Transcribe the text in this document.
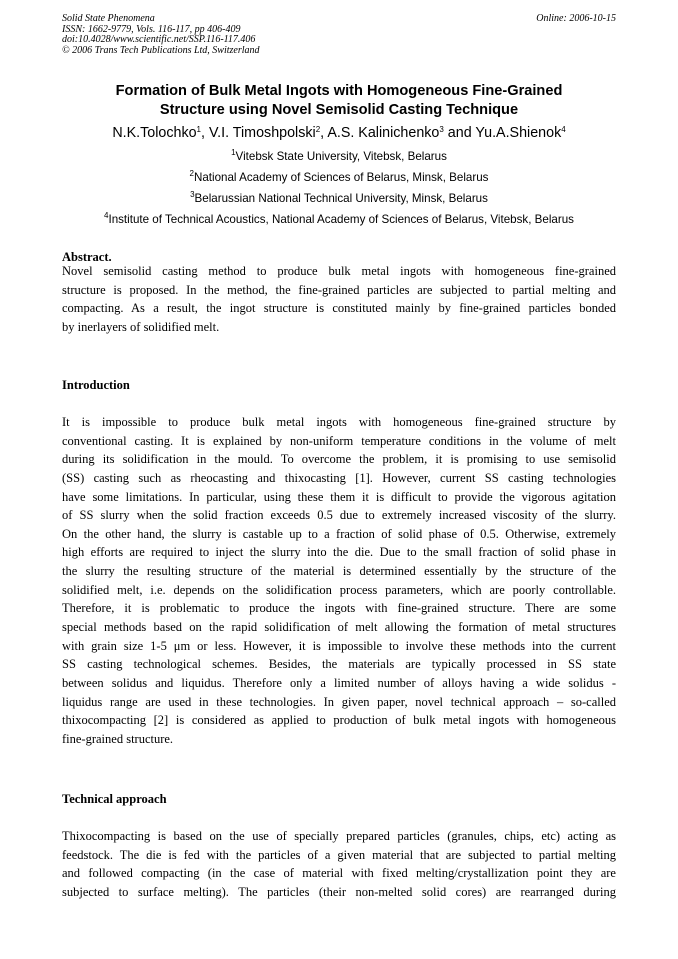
Solid State Phenomena
ISSN: 1662-9779, Vols. 116-117, pp 406-409
doi:10.4028/www.scientific.net/SSP.116-117.406
© 2006 Trans Tech Publications Ltd, Switzerland
Online: 2006-10-15
Formation of Bulk Metal Ingots with Homogeneous Fine-Grained
Structure using Novel Semisolid Casting Technique
N.K.Tolochko$^1$, V.I. Timoshpolski$^2$, A.S. Kalinichenko$^3$ and Yu.A.Shienok$^4$
$^1$Vitebsk State University, Vitebsk, Belarus
$^2$National Academy of Sciences of Belarus, Minsk, Belarus
$^3$Belarussian National Technical University, Minsk, Belarus
$^4$Institute of Technical Acoustics, National Academy of Sciences of Belarus, Vitebsk, Belarus
Abstract.
Novel semisolid casting method to produce bulk metal ingots with homogeneous fine-grained
structure is proposed. In the method, the fine-grained particles are subjected to partial melting and
compacting. As a result, the ingot structure is constituted mainly by fine-grained particles bonded
by inerlayers of solidified melt.
Introduction
It is impossible to produce bulk metal ingots with homogeneous fine-grained structure by
conventional casting. It is explained by non-uniform temperature conditions in the volume of melt
during its solidification in the mould. To overcome the problem, it is promising to use semisolid
(SS) casting such as rheocasting and thixocasting [1]. However, current SS casting technologies
have some limitations. In particular, using these them it is difficult to provide the vigorous agitation
of SS slurry when the solid fraction exceeds 0.5 due to extremely increased viscosity of the slurry.
On the other hand, the slurry is castable up to a fraction of solid phase of 0.5. Otherwise, extremely
high efforts are required to inject the slurry into the die. Due to the small fraction of solid phase in
the slurry the resulting structure of the material is determined essentially by the structure of the
solidified melt, i.e. depends on the solidification process parameters, which are poorly controllable.
Therefore, it is problematic to produce the ingots with fine-grained structure. There are some
special methods based on the rapid solidification of melt allowing the formation of metal structures
with grain size 1-5 μm or less. However, it is impossible to involve these methods into the current
SS casting technological schemes. Besides, the materials are typically processed in SS state
between solidus and liquidus. Therefore only a limited number of alloys having a wide solidus -
liquidus range are used in these technologies. In given paper, novel technical approach – so-called
thixocompacting [2] is considered as applied to production of bulk metal ingots with homogeneous
fine-grained structure.
Technical approach
Thixocompacting is based on the use of specially prepared particles (granules, chips, etc) acting as
feedstock. The die is fed with the particles of a given material that are subjected to partial melting
and followed compacting (in the case of material with fixed melting/crystallization point they are
subjected to surface melting). The particles (their non-melted solid cores) are rearranged during
